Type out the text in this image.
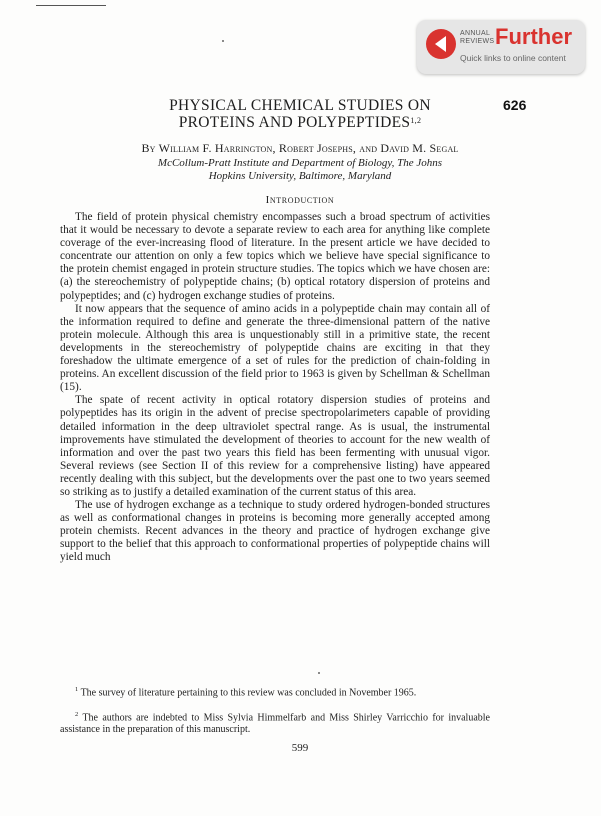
ANNUAL
REVIEWS Further
Quick links to online content
626
PHYSICAL CHEMICAL STUDIES ON
PROTEINS AND POLYPEPTIDES$^{1,2}$
By William F. Harrington, Robert Josephs, and David M. Segal
McCollum-Pratt Institute and Department of Biology, The Johns
Hopkins University, Baltimore, Maryland
Introduction

The field of protein physical chemistry encompasses such a broad spectrum of activities that it would be necessary to devote a separate review to each area for anything like complete coverage of the ever-increasing flood of literature. In the present article we have decided to concentrate our attention on only a few topics which we believe have special significance to the protein chemist engaged in protein structure studies. The topics which we have chosen are: (a) the stereochemistry of polypeptide chains; (b) optical rotatory dispersion of proteins and polypeptides; and (c) hydrogen exchange studies of proteins.

It now appears that the sequence of amino acids in a polypeptide chain may contain all of the information required to define and generate the three-dimensional pattern of the native protein molecule. Although this area is unquestionably still in a primitive state, the recent developments in the stereochemistry of polypeptide chains are exciting in that they foreshadow the ultimate emergence of a set of rules for the prediction of chain-folding in proteins. An excellent discussion of the field prior to 1963 is given by Schellman & Schellman (15).

The spate of recent activity in optical rotatory dispersion studies of proteins and polypeptides has its origin in the advent of precise spectropolarimeters capable of providing detailed information in the deep ultraviolet spectral range. As is usual, the instrumental improvements have stimulated the development of theories to account for the new wealth of information and over the past two years this field has been fermenting with unusual vigor. Several reviews (see Section II of this review for a comprehensive listing) have appeared recently dealing with this subject, but the developments over the past one to two years seemed so striking as to justify a detailed examination of the current status of this area.

The use of hydrogen exchange as a technique to study ordered hydrogen-bonded structures as well as conformational changes in proteins is becoming more generally accepted among protein chemists. Recent advances in the theory and practice of hydrogen exchange give support to the belief that this approach to conformational properties of polypeptide chains will yield much

$^1$ The survey of literature pertaining to this review was concluded in November 1965.
$^2$ The authors are indebted to Miss Sylvia Himmelfarb and Miss Shirley Varricchio for invaluable assistance in the preparation of this manuscript.
599
